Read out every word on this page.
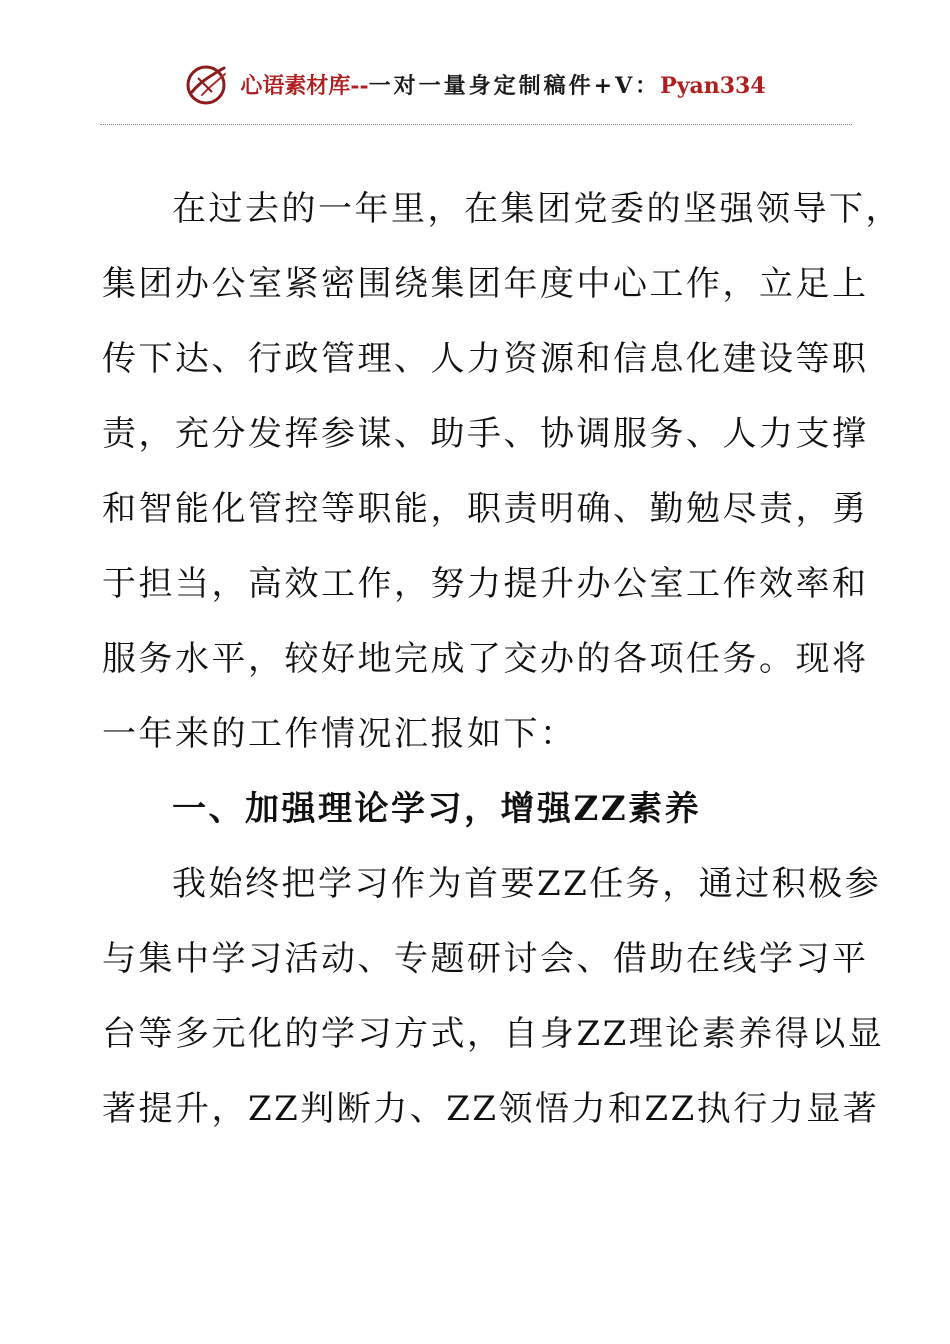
心语素材库--一对一量身定制稿件+V：Pyan334
在过去的一年里，在集团党委的坚强领导下，
集团办公室紧密围绕集团年度中心工作，立足上
传下达、行政管理、人力资源和信息化建设等职
责，充分发挥参谋、助手、协调服务、人力支撑
和智能化管控等职能，职责明确、勤勉尽责，勇
于担当，高效工作，努力提升办公室工作效率和
服务水平，较好地完成了交办的各项任务。现将
一年来的工作情况汇报如下：
一、加强理论学习，增强ZZ素养
我始终把学习作为首要ZZ任务，通过积极参
与集中学习活动、专题研讨会、借助在线学习平
台等多元化的学习方式，自身ZZ理论素养得以显
著提升，ZZ判断力、ZZ领悟力和ZZ执行力显著
